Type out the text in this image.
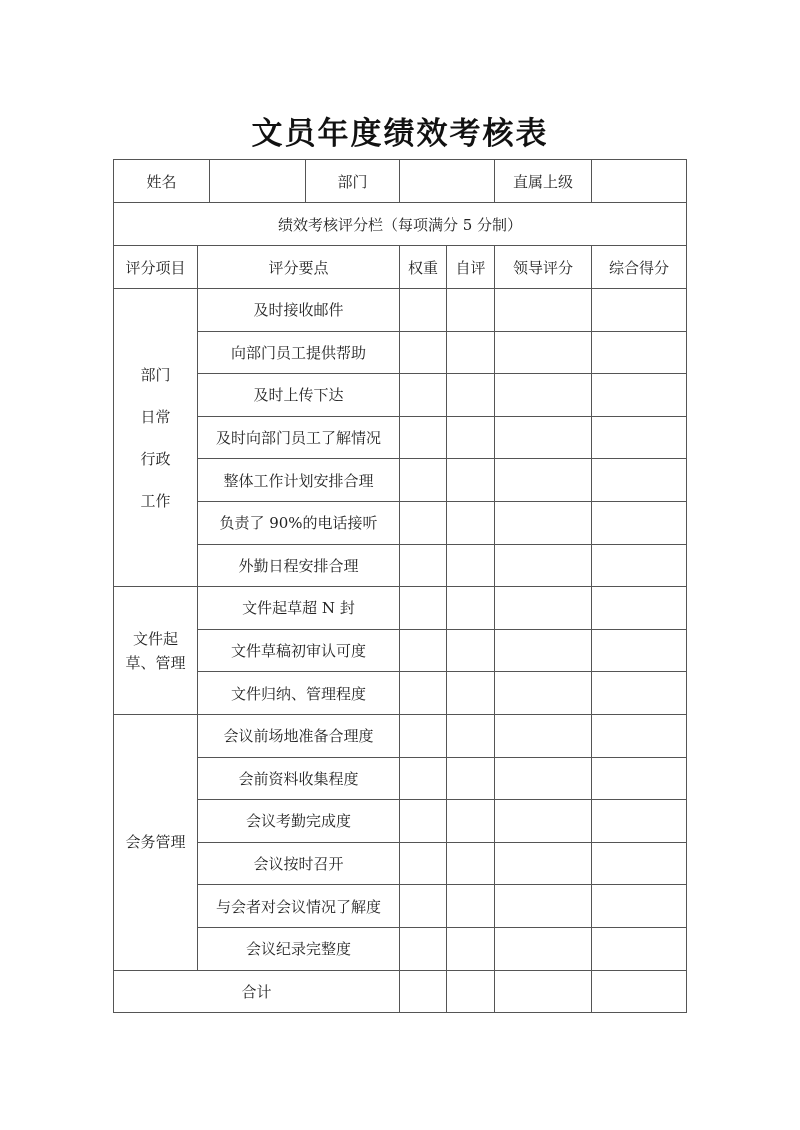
文员年度绩效考核表
姓名			部门			直属上级	
绩效考核评分栏（每项满分 5 分制）							
评分项目	评分要点			权重	自评	领导评分	综合得分
部门
日常
行政
工作	及时接收邮件						
	向部门员工提供帮助						
	及时上传下达						
	及时向部门员工了解情况						
	整体工作计划安排合理						
	负责了 90%的电话接听						
	外勤日程安排合理						
文件起
草、管理	文件起草超 N 封						
	文件草稿初审认可度						
	文件归纳、管理程度						
会务管理	会议前场地准备合理度						
	会前资料收集程度						
	会议考勤完成度						
	会议按时召开						
	与会者对会议情况了解度						
	会议纪录完整度						
合计							
